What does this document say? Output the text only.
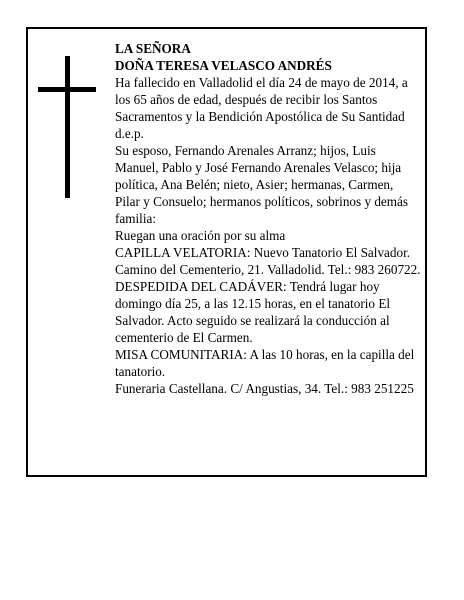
LA SEÑORA

DOÑA TERESA VELASCO ANDRÉS

Ha fallecido en Valladolid el día 24 de mayo de 2014, a los 65 años de edad, después de recibir los Santos Sacramentos y la Bendición Apostólica de Su Santidad d.e.p.

Su esposo, Fernando Arenales Arranz; hijos, Luis Manuel, Pablo y José Fernando Arenales Velasco; hija política, Ana Belén; nieto, Asier; hermanas, Carmen, Pilar y Consuelo; hermanos políticos, sobrinos y demás familia:

Ruegan una oración por su alma

CAPILLA VELATORIA: Nuevo Tanatorio El Salvador. Camino del Cementerio, 21. Valladolid. Tel.: 983 260722.

DESPEDIDA DEL CADÁVER: Tendrá lugar hoy domingo día 25, a las 12.15 horas, en el tanatorio El Salvador. Acto seguido se realizará la conducción al cementerio de El Carmen.

MISA COMUNITARIA: A las 10 horas, en la capilla del tanatorio.

Funeraria Castellana. C/ Angustias, 34. Tel.: 983 251225
